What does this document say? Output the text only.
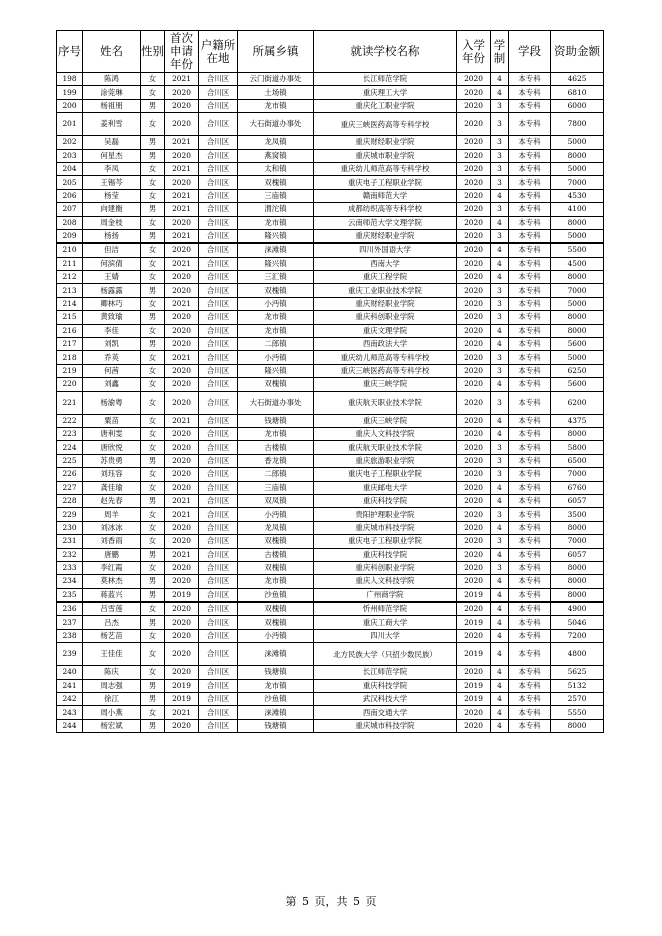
序号	姓名	性别	首次申请年份	户籍所在地	所属乡镇	就读学校名称	入学年份	学制	学段	资助金额

198	陈鸿	女	2021	合川区	云门街道办事处	长江师范学院	2020	4	本专科	4625
199	涂莞琳	女	2020	合川区	土场镇	重庆理工大学	2020	4	本专科	6810
200	杨祖朋	男	2020	合川区	龙市镇	重庆化工职业学院	2020	3	本专科	6000
201	姜利雪	女	2020	合川区	大石街道办事处	重庆三峡医药高等专科学校	2020	3	本专科	7800
202	吴磊	男	2021	合川区	龙凤镇	重庆财经职业学院	2020	3	本专科	5000
203	何星杰	男	2020	合川区	燕窝镇	重庆城市职业学院	2020	3	本专科	8000
204	李凤	女	2021	合川区	太和镇	重庆幼儿师范高等专科学校	2020	3	本专科	5000
205	王锡芩	女	2020	合川区	双槐镇	重庆电子工程职业学院	2020	3	本专科	7000
206	杨莹	女	2021	合川区	三庙镇	赣南师范大学	2020	4	本专科	4530
207	向建衡	男	2021	合川区	渭沱镇	成都纺织高等专科学校	2020	3	本专科	4100
208	周金枝	女	2020	合川区	龙市镇	云南师范大学文理学院	2020	4	本专科	8000
209	杨扬	男	2021	合川区	隆兴镇	重庆财经职业学院	2020	3	本专科	5000
210	但洁	女	2020	合川区	涞滩镇	四川外国语大学	2020	4	本专科	5500
211	何滨倩	女	2021	合川区	隆兴镇	西南大学	2020	4	本专科	4500
212	王婧	女	2020	合川区	三汇镇	重庆工程学院	2020	4	本专科	8000
213	杨露露	男	2020	合川区	双槐镇	重庆工业职业技术学院	2020	3	本专科	7000
214	卿林巧	女	2021	合川区	小沔镇	重庆财经职业学院	2020	3	本专科	5000
215	黄致瑜	男	2020	合川区	龙市镇	重庆科创职业学院	2020	3	本专科	8000
216	李佳	女	2020	合川区	龙市镇	重庆文理学院	2020	4	本专科	8000
217	刘凯	男	2020	合川区	二郎镇	西南政法大学	2020	4	本专科	5600
218	乔英	女	2021	合川区	小沔镇	重庆幼儿师范高等专科学校	2020	3	本专科	5000
219	何茜	女	2020	合川区	隆兴镇	重庆三峡医药高等专科学校	2020	3	本专科	6250
220	刘鑫	女	2020	合川区	双槐镇	重庆三峡学院	2020	4	本专科	5600
221	杨渝粤	女	2020	合川区	大石街道办事处	重庆航天职业技术学院	2020	3	本专科	6200
222	粟苗	女	2021	合川区	钱塘镇	重庆三峡学院	2020	4	本专科	4375
223	唐利雯	女	2020	合川区	龙市镇	重庆人文科技学院	2020	4	本专科	8000
224	唐欣悦	女	2020	合川区	古楼镇	重庆航天职业技术学院	2020	3	本专科	5800
225	苏贵勇	男	2020	合川区	香龙镇	重庆旅游职业学院	2020	3	本专科	6500
226	刘珏容	女	2020	合川区	二郎镇	重庆电子工程职业学院	2020	3	本专科	7000
227	龚佳瑜	女	2020	合川区	三庙镇	重庆邮电大学	2020	4	本专科	6760
228	赵先春	男	2021	合川区	双凤镇	重庆科技学院	2020	4	本专科	6057
229	周羊	女	2021	合川区	小沔镇	贵阳护理职业学院	2020	3	本专科	3500
230	刘冰冰	女	2020	合川区	龙凤镇	重庆城市科技学院	2020	4	本专科	8000
231	刘香雨	女	2020	合川区	双槐镇	重庆电子工程职业学院	2020	3	本专科	7000
232	唐鹏	男	2021	合川区	古楼镇	重庆科技学院	2020	4	本专科	6057
233	李红霞	女	2020	合川区	双槐镇	重庆科创职业学院	2020	3	本专科	8000
234	莫林杰	男	2020	合川区	龙市镇	重庆人文科技学院	2020	4	本专科	8000
235	蒋蓝兴	男	2019	合川区	沙鱼镇	广州商学院	2019	4	本专科	8000
236	吕雪莲	女	2020	合川区	双槐镇	忻州师范学院	2020	4	本专科	4900
237	吕杰	男	2020	合川区	双槐镇	重庆工商大学	2019	4	本专科	5046
238	杨艺苗	女	2020	合川区	小沔镇	四川大学	2020	4	本专科	7200
239	王佳佳	女	2020	合川区	涞滩镇	北方民族大学（只招少数民族）	2019	4	本专科	4800
240	陈庆	女	2020	合川区	钱塘镇	长江师范学院	2020	4	本专科	5625
241	周志强	男	2019	合川区	龙市镇	重庆科技学院	2019	4	本专科	5132
242	徐江	男	2019	合川区	沙鱼镇	武汉科技大学	2019	4	本专科	2570
243	周小燕	女	2021	合川区	涞滩镇	西南交通大学	2020	4	本专科	5550
244	杨宏斌	男	2020	合川区	钱塘镇	重庆城市科技学院	2020	4	本专科	8000
第 5 页，共 5 页
